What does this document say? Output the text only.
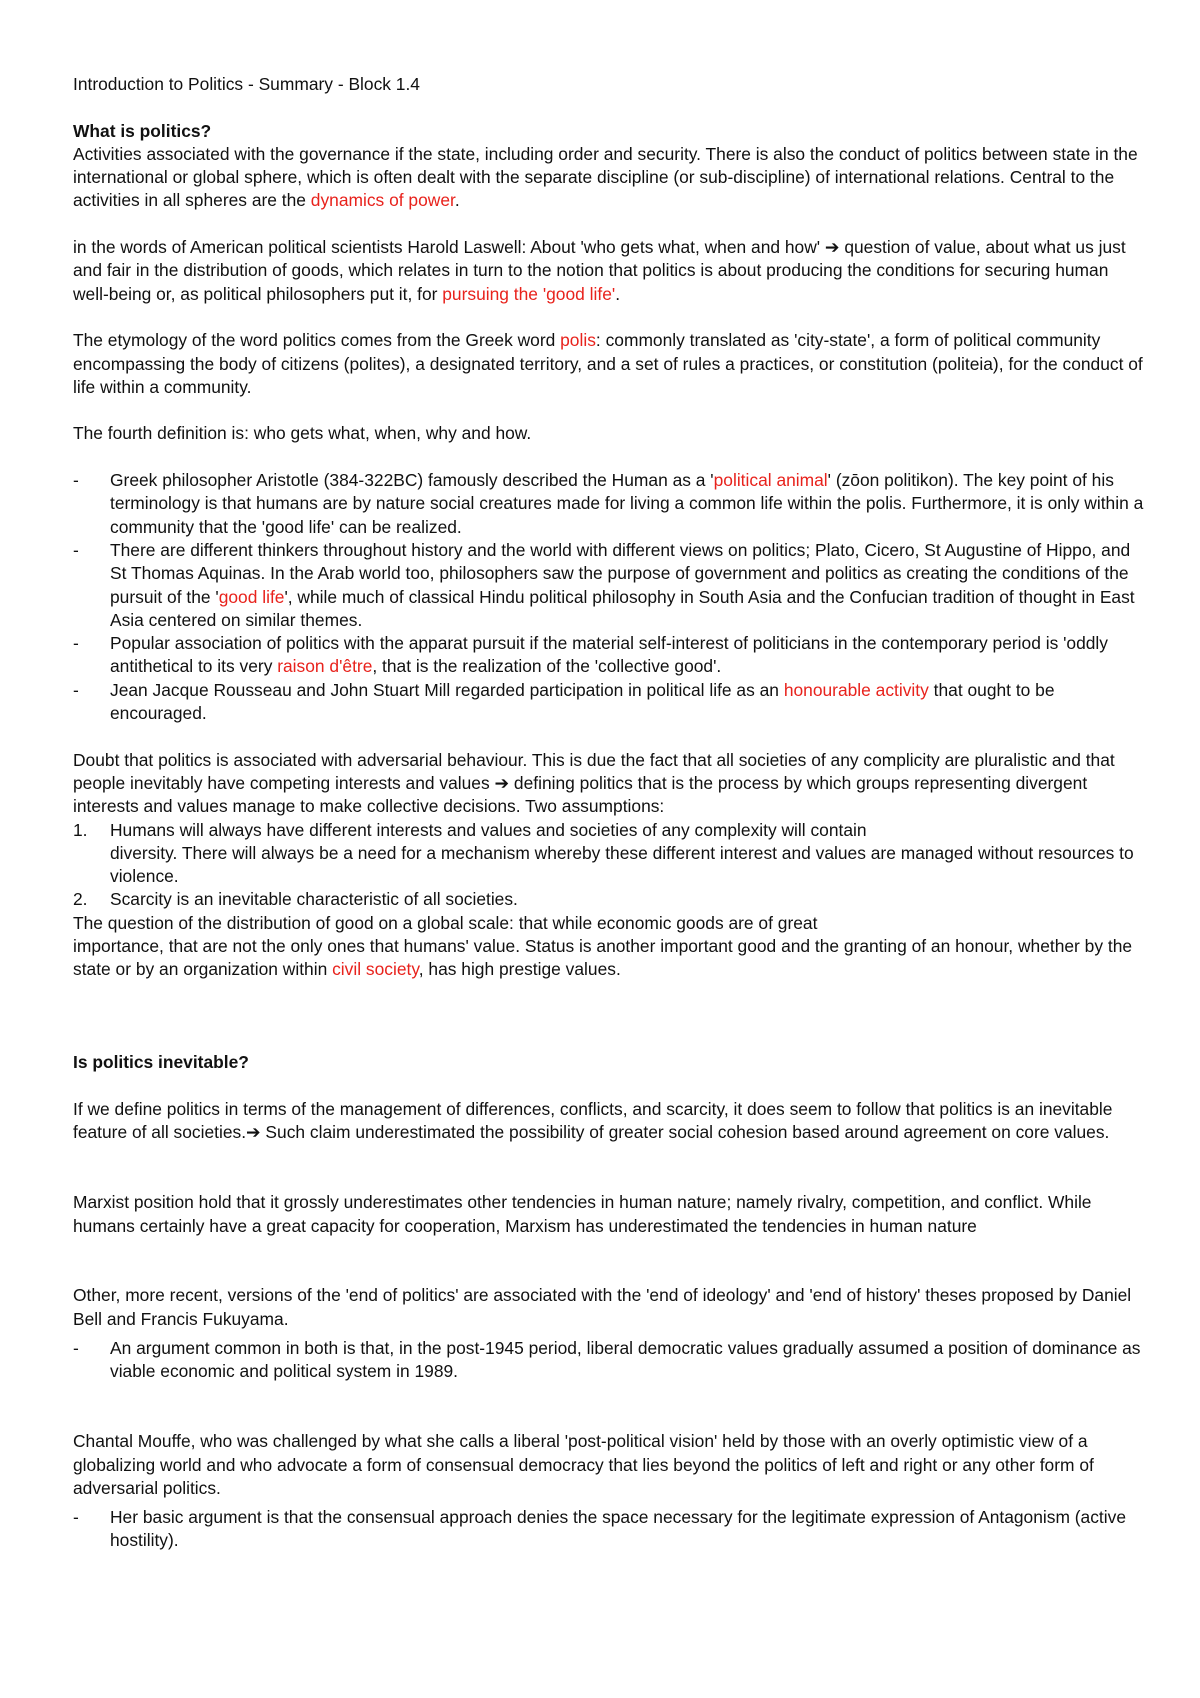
Introduction to Politics - Summary - Block 1.4

What is politics?

Activities associated with the governance if the state, including order and security. There is also the conduct of politics between state in the international or global sphere, which is often dealt with the separate discipline (or sub-discipline) of international relations. Central to the activities in all spheres are the dynamics of power.

in the words of American political scientists Harold Laswell: About 'who gets what, when and how' ➔ question of value, about what us just and fair in the distribution of goods, which relates in turn to the notion that politics is about producing the conditions for securing human well-being or, as political philosophers put it, for pursuing the 'good life'.

The etymology of the word politics comes from the Greek word polis: commonly translated as 'city-state', a form of political community encompassing the body of citizens (polites), a designated territory, and a set of rules a practices, or constitution (politeia), for the conduct of life within a community.

The fourth definition is: who gets what, when, why and how.

-	Greek philosopher Aristotle (384-322BC) famously described the Human as a 'political animal' (zōon politikon). The key point of his terminology is that humans are by nature social creatures made for living a common life within the polis. Furthermore, it is only within a community that the 'good life' can be realized.
-	There are different thinkers throughout history and the world with different views on politics; Plato, Cicero, St Augustine of Hippo, and St Thomas Aquinas. In the Arab world too, philosophers saw the purpose of government and politics as creating the conditions of the pursuit of the 'good life', while much of classical Hindu political philosophy in South Asia and the Confucian tradition of thought in East Asia centered on similar themes.
-	Popular association of politics with the apparat pursuit if the material self-interest of politicians in the contemporary period is 'oddly antithetical to its very raison d'être, that is the realization of the 'collective good'.
-	Jean Jacque Rousseau and John Stuart Mill regarded participation in political life as an honourable activity that ought to be encouraged.

Doubt that politics is associated with adversarial behaviour. This is due the fact that all societies of any complicity are pluralistic and that people inevitably have competing interests and values ➔ defining politics that is the process by which groups representing divergent interests and values manage to make collective decisions. Two assumptions:

1.	Humans will always have different interests and values and societies of any complexity will contain
diversity. There will always be a need for a mechanism whereby these different interest and values are managed without resources to violence.
2.	Scarcity is an inevitable characteristic of all societies.

The question of the distribution of good on a global scale: that while economic goods are of great
importance, that are not the only ones that humans' value. Status is another important good and the granting of an honour, whether by the state or by an organization within civil society, has high prestige values.

Is politics inevitable?

If we define politics in terms of the management of differences, conflicts, and scarcity, it does seem to follow that politics is an inevitable feature of all societies.➔ Such claim underestimated the possibility of greater social cohesion based around agreement on core values.

Marxist position hold that it grossly underestimates other tendencies in human nature; namely rivalry, competition, and conflict. While humans certainly have a great capacity for cooperation, Marxism has underestimated the tendencies in human nature

Other, more recent, versions of the 'end of politics' are associated with the 'end of ideology' and 'end of history' theses proposed by Daniel Bell and Francis Fukuyama.

-	An argument common in both is that, in the post-1945 period, liberal democratic values gradually assumed a position of dominance as viable economic and political system in 1989.

Chantal Mouffe, who was challenged by what she calls a liberal 'post-political vision' held by those with an overly optimistic view of a globalizing world and who advocate a form of consensual democracy that lies beyond the politics of left and right or any other form of adversarial politics.

-	Her basic argument is that the consensual approach denies the space necessary for the legitimate expression of Antagonism (active hostility).
